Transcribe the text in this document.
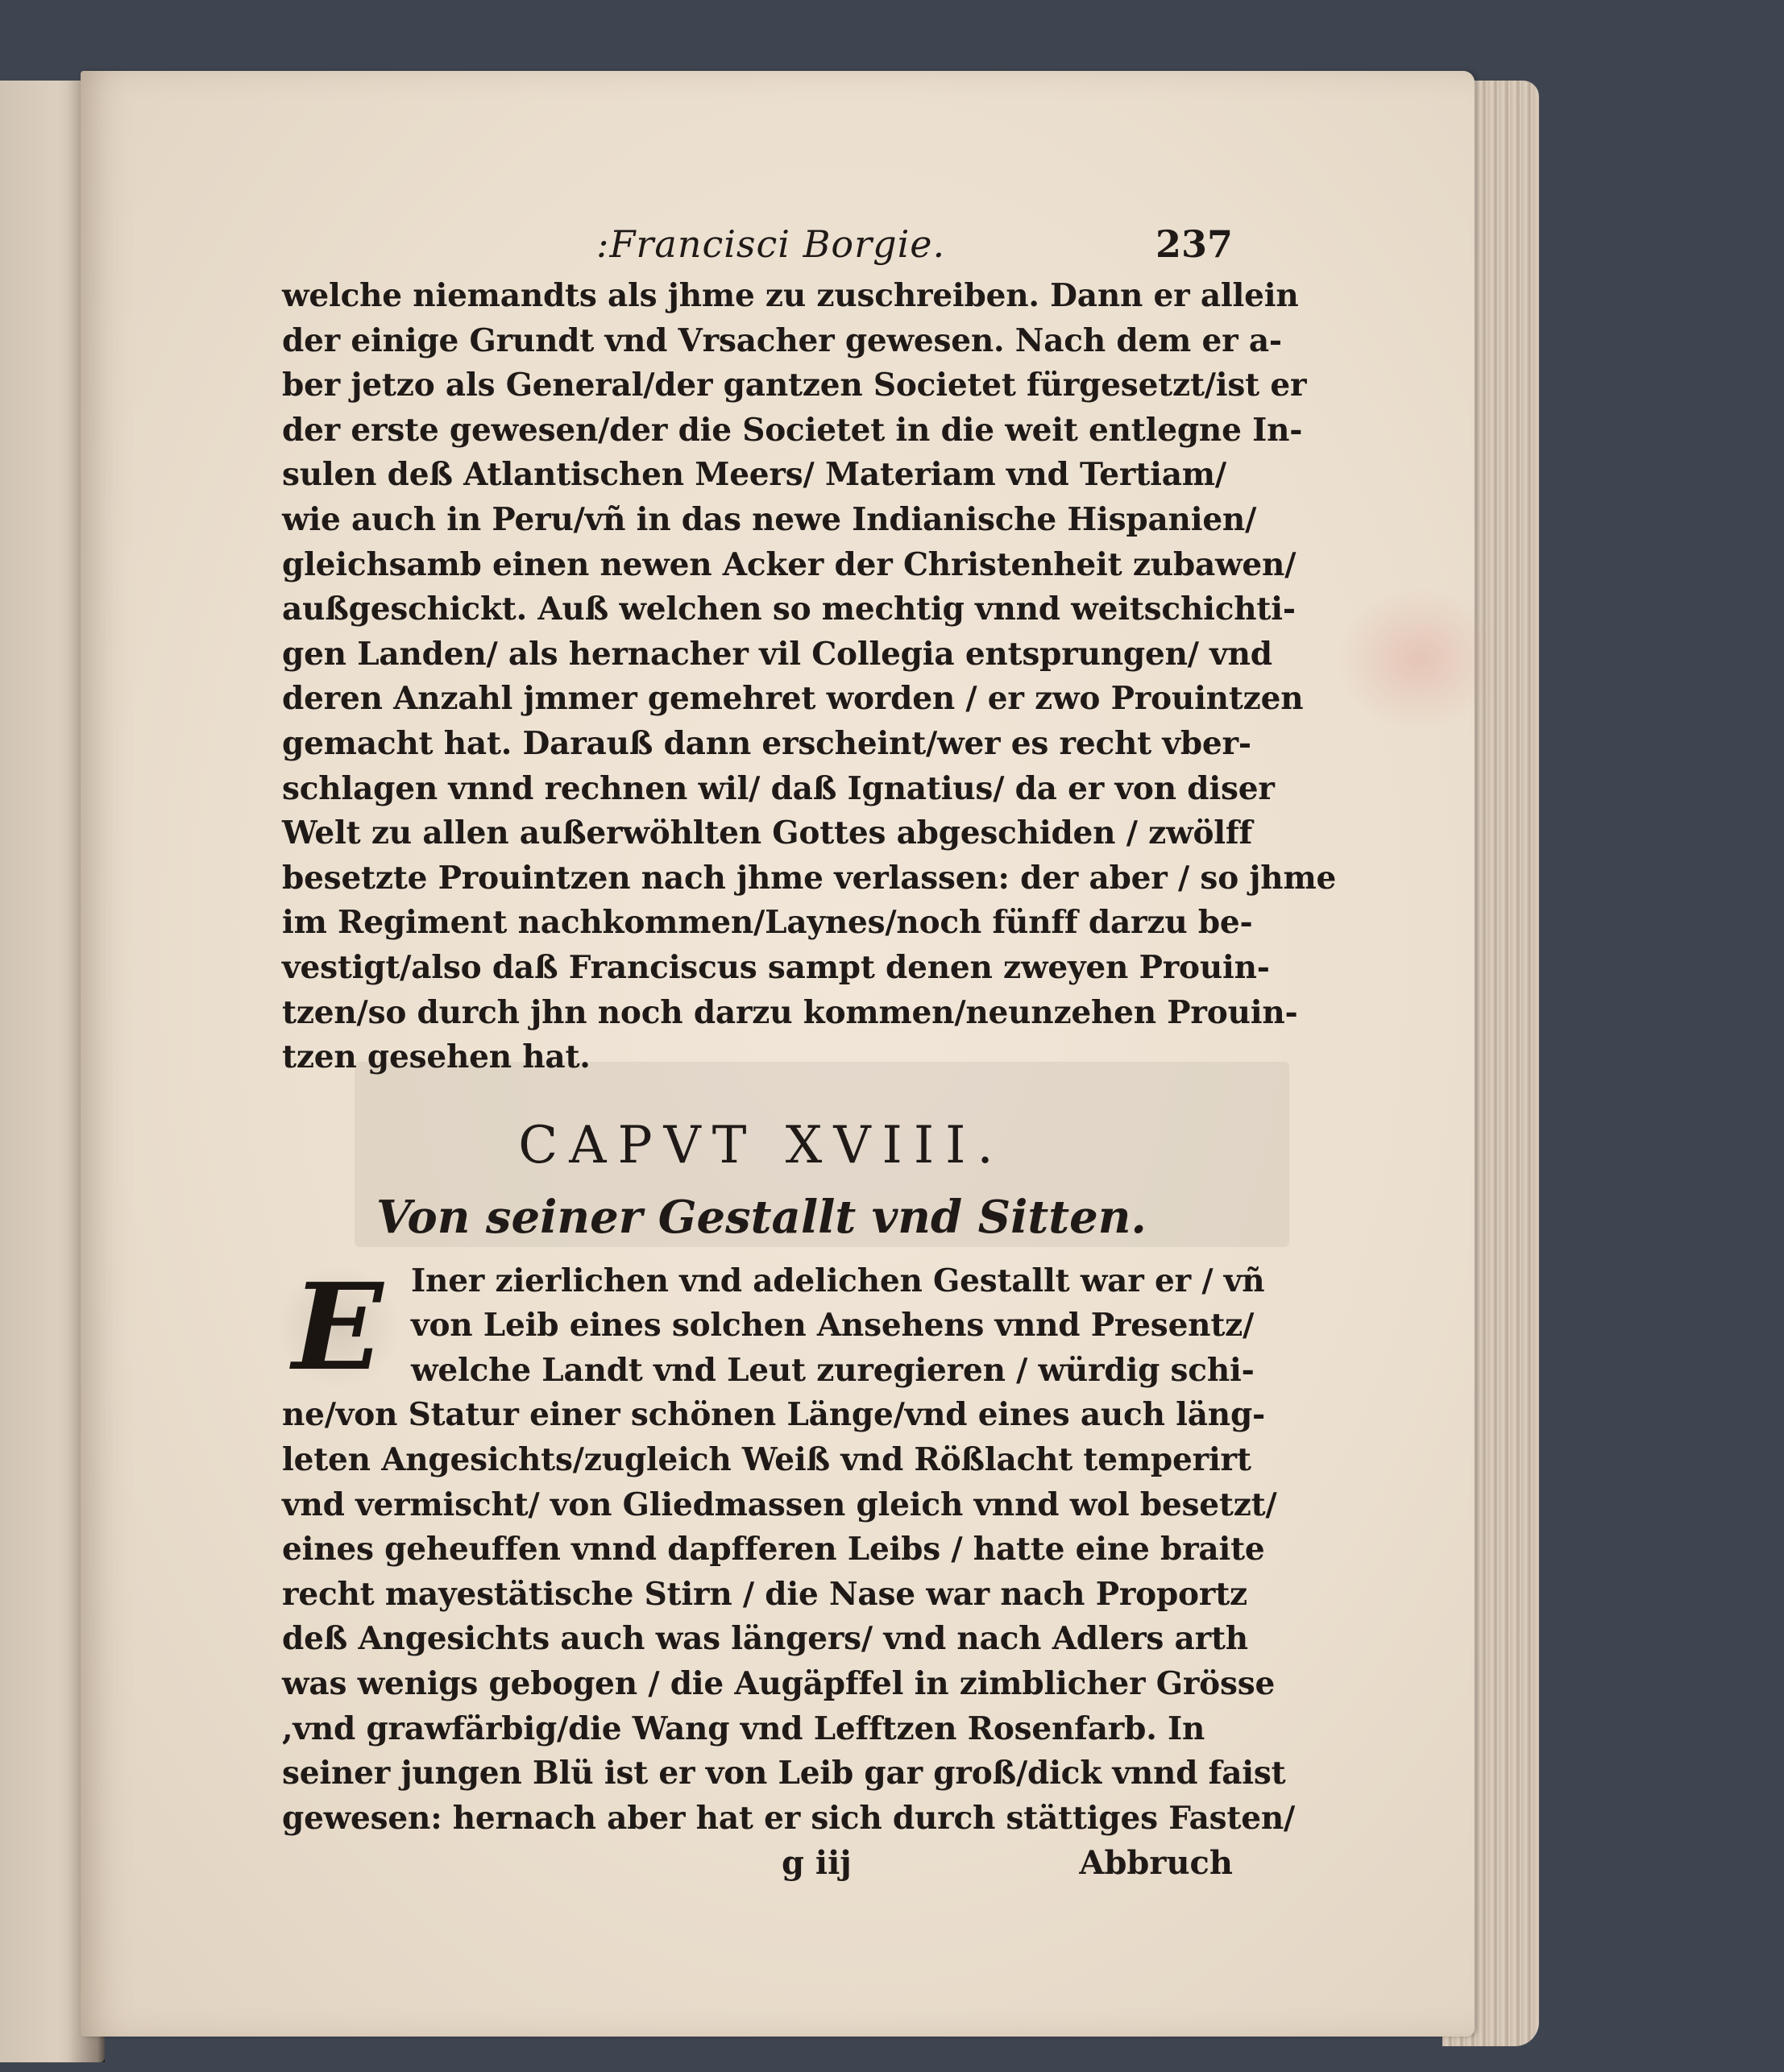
:Francisci Borgie.	237
welche niemandts als jhme zu zuschreiben. Dann er allein
der einige Grundt vnd Vrsacher gewesen. Nach dem er a-
ber jetzo als General/der gantzen Societet fürgesetzt/ist er
der erste gewesen/der die Societet in die weit entlegne In-
sulen deß Atlantischen Meers/ Materiam vnd Tertiam/
wie auch in Peru/vñ in das newe Indianische Hispanien/
gleichsamb einen newen Acker der Christenheit zubawen/
außgeschickt. Auß welchen so mechtig vnnd weitschichti-
gen Landen/ als hernacher vil Collegia entsprungen/ vnd
deren Anzahl jmmer gemehret worden / er zwo Prouintzen
gemacht hat. Darauß dann erscheint/wer es recht vber-
schlagen vnnd rechnen wil/ daß Ignatius/ da er von diser
Welt zu allen außerwöhlten Gottes abgeschiden / zwölff
besetzte Prouintzen nach jhme verlassen: der aber / so jhme
im Regiment nachkommen/Laynes/noch fünff darzu be-
vestigt/also daß Franciscus sampt denen zweyen Prouin-
tzen/so durch jhn noch darzu kommen/neunzehen Prouin-
tzen gesehen hat.
CAPVT XVIII.
Von seiner Gestallt vnd Sitten.
E Iner zierlichen vnd adelichen Gestallt war er / vñ
von Leib eines solchen Ansehens vnnd Presentz/
welche Landt vnd Leut zuregieren / würdig schi-
ne/von Statur einer schönen Länge/vnd eines auch läng-
leten Angesichts/zugleich Weiß vnd Rößlacht temperirt
vnd vermischt/ von Gliedmassen gleich vnnd wol besetzt/
eines geheuffen vnnd dapfferen Leibs / hatte eine braite
recht mayestätische Stirn / die Nase war nach Proportz
deß Angesichts auch was längers/ vnd nach Adlers arth
was wenigs gebogen / die Augäpffel in zimblicher Grösse
,vnd grawfärbig/die Wang vnd Lefftzen Rosenfarb. In
seiner jungen Blü ist er von Leib gar groß/dick vnnd faist
gewesen: hernach aber hat er sich durch stättiges Fasten/
g iij	Abbruch
